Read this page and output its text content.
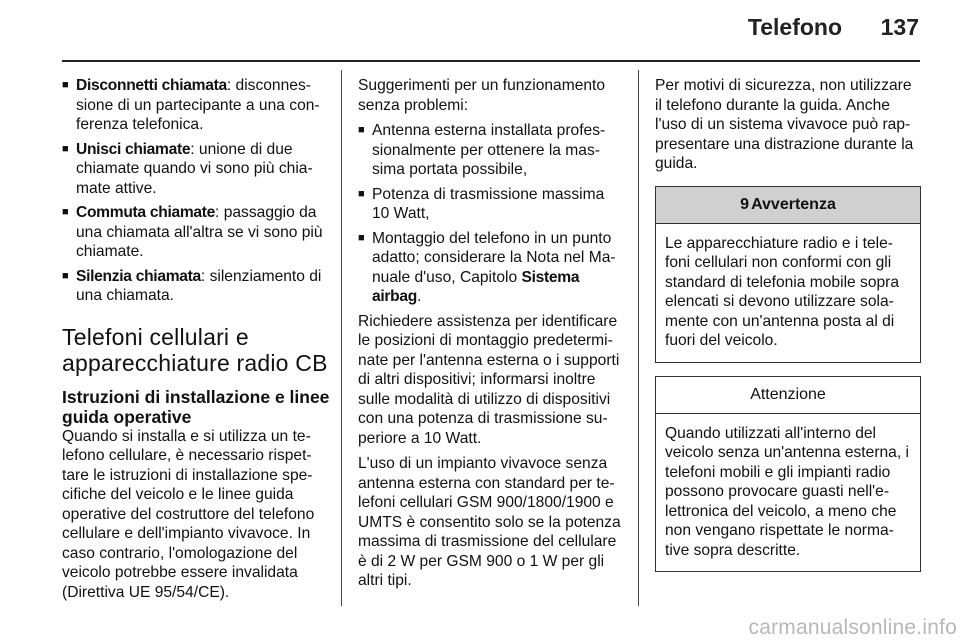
Telefono 137
■ Disconnetti chiamata: disconnes-sione di un partecipante a una con-ferenza telefonica.
■ Unisci chiamate: unione di due chiamate quando vi sono più chia-mate attive.
■ Commuta chiamate: passaggio da una chiamata all'altra se vi sono più chiamate.
■ Silenzia chiamata: silenziamento di una chiamata.
Telefoni cellulari e apparecchiature radio CB
Istruzioni di installazione e linee guida operative

Quando si installa e si utilizza un te-lefono cellulare, è necessario rispet-tare le istruzioni di installazione spe-cifiche del veicolo e le linee guida operative del costruttore del telefono cellulare e dell'impianto vivavoce. In caso contrario, l'omologazione del veicolo potrebbe essere invalidata (Direttiva UE 95/54/CE).

Suggerimenti per un funzionamento senza problemi:

■ Antenna esterna installata profes-sionalmente per ottenere la mas-sima portata possibile,
■ Potenza di trasmissione massima 10 Watt,
■ Montaggio del telefono in un punto adatto; considerare la Nota nel Ma-nuale d'uso, Capitolo Sistema airbag.

Richiedere assistenza per identificare le posizioni di montaggio predetermi-nate per l'antenna esterna o i supporti di altri dispositivi; informarsi inoltre sulle modalità di utilizzo di dispositivi con una potenza di trasmissione su-periore a 10 Watt.

L'uso di un impianto vivavoce senza antenna esterna con standard per te-lefoni cellulari GSM 900/1800/1900 e UMTS è consentito solo se la potenza massima di trasmissione del cellulare è di 2 W per GSM 900 o 1 W per gli altri tipi.

Per motivi di sicurezza, non utilizzare il telefono durante la guida. Anche l'uso di un sistema vivavoce può rap-presentare una distrazione durante la guida.

9 Avvertenza
Le apparecchiature radio e i tele-foni cellulari non conformi con gli standard di telefonia mobile sopra elencati si devono utilizzare sola-mente con un'antenna posta al di fuori del veicolo.
Attenzione
Quando utilizzati all'interno del veicolo senza un'antenna esterna, i telefoni mobili e gli impianti radio possono provocare guasti nell'e-lettronica del veicolo, a meno che non vengano rispettate le norma-tive sopra descritte.
carmanualsonline.info
